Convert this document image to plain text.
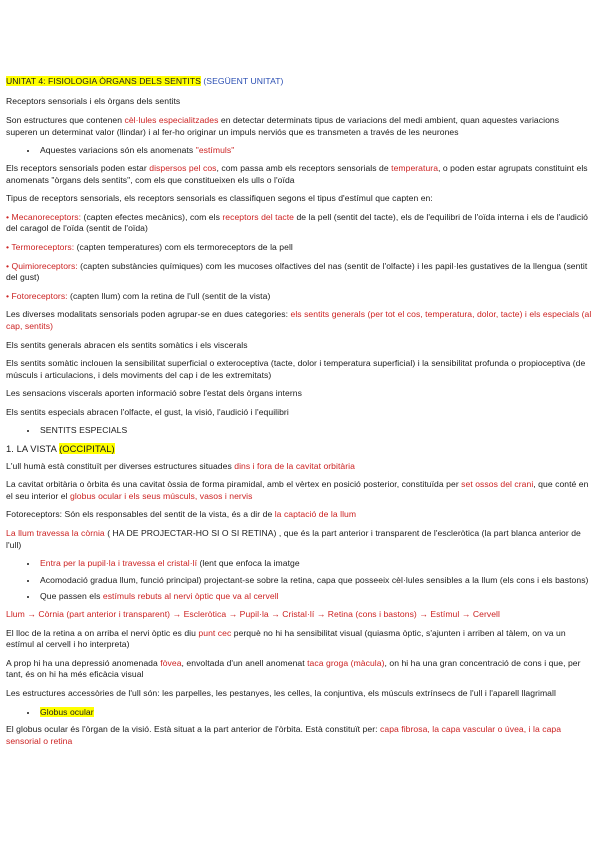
UNITAT 4: FISIOLOGIA ÒRGANS DELS SENTITS (SEGÜENT UNITAT)

Receptors sensorials i els òrgans dels sentits

Son estructures que contenen cèl·lules especialitzades en detectar determinats tipus de variacions del medi ambient, quan aquestes variacions superen un determinat valor (llindar) i al fer-ho originar un impuls nerviós que es transmeten a través de les neurones

• Aquestes variacions són els anomenats "estímuls"

Els receptors sensorials poden estar dispersos pel cos, com passa amb els receptors sensorials de temperatura, o poden estar agrupats constituint els anomenats "òrgans dels sentits", com els que constitueixen els ulls o l'oïda

Tipus de receptors sensorials, els receptors sensorials es classifiquen segons el tipus d'estímul que capten en:

• Mecanoreceptors: (capten efectes mecànics), com els receptors del tacte de la pell (sentit del tacte), els de l'equilibri de l'oïda interna i els de l'audició del caragol de l'oïda (sentit de l'oïda)

• Termoreceptors: (capten temperatures) com els termoreceptors de la pell

• Quimioreceptors: (capten substàncies químiques) com les mucoses olfactives del nas (sentit de l'olfacte) i les papil·les gustatives de la llengua (sentit del gust)

• Fotoreceptors: (capten llum) com la retina de l'ull (sentit de la vista)

Les diverses modalitats sensorials poden agrupar-se en dues categories: els sentits generals (per tot el cos, temperatura, dolor, tacte) i els especials (al cap, sentits)

Els sentits generals abracen els sentits somàtics i els viscerals

Els sentits somàtic inclouen la sensibilitat superficial o exteroceptiva (tacte, dolor i temperatura superficial) i la sensibilitat profunda o propioceptiva (de músculs i articulacions, i dels moviments del cap i de les extremitats)

Les sensacions viscerals aporten informació sobre l'estat dels òrgans interns

Els sentits especials abracen l'olfacte, el gust, la visió, l'audició i l'equilibri

• SENTITS ESPECIALS

1. LA VISTA (OCCIPITAL)

L'ull humà està constituït per diverses estructures situades dins i fora de la cavitat orbitària

La cavitat orbitària o òrbita és una cavitat òssia de forma piramidal, amb el vèrtex en posició posterior, constituïda per set ossos del crani, que conté en el seu interior el globus ocular i els seus músculs, vasos i nervis

Fotoreceptors: Són els responsables del sentit de la vista, és a dir de la captació de la llum

La llum travessa la còrnia ( HA DE PROJECTAR-HO SI O SI RETINA) , que és la part anterior i transparent de l'escleròtica (la part blanca anterior de l'ull)

• Entra per la pupil·la i travessa el cristal·lí (lent que enfoca la imatge
• Acomodació gradua llum, funció principal) projectant-se sobre la retina, capa que posseeix cèl·lules sensibles a la llum (els cons i els bastons)
• Que passen els estímuls rebuts al nervi òptic que va al cervell

Llum → Còrnia (part anterior i transparent) → Escleròtica → Pupil·la → Cristal·lí → Retina (cons i bastons) → Estímul → Cervell

El lloc de la retina a on arriba el nervi òptic es diu punt cec perquè no hi ha sensibilitat visual (quiasma òptic, s'ajunten i arriben al tàlem, on va un estímul al cervell i ho interpreta)

A prop hi ha una depressió anomenada fòvea, envoltada d'un anell anomenat taca groga (màcula), on hi ha una gran concentració de cons i que, per tant, és on hi ha més eficàcia visual

Les estructures accessòries de l'ull són: les parpelles, les pestanyes, les celles, la conjuntiva, els músculs extrínsecs de l'ull i l'aparell llagrimall

• Globus ocular

El globus ocular és l'òrgan de la visió. Està situat a la part anterior de l'òrbita. Està constituït per: capa fibrosa, la capa vascular o úvea, i la capa sensorial o retina
